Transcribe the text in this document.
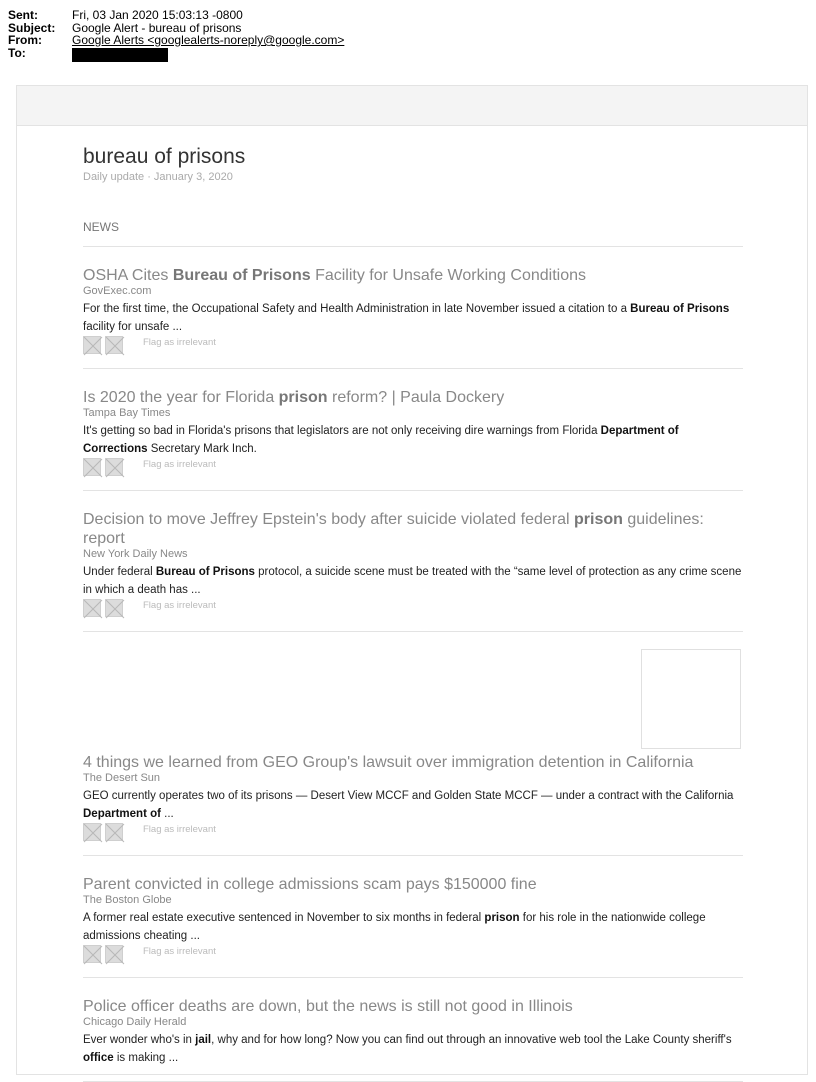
Sent:	Fri, 03 Jan 2020 15:03:13 -0800
Subject:	Google Alert - bureau of prisons
From:	Google Alerts <googlealerts-noreply@google.com>
To:
bureau of prisons
Daily update · January 3, 2020
NEWS
OSHA Cites Bureau of Prisons Facility for Unsafe Working Conditions
GovExec.com
For the first time, the Occupational Safety and Health Administration in late November issued a citation to a Bureau of Prisons facility for unsafe ...
Flag as irrelevant
Is 2020 the year for Florida prison reform? | Paula Dockery
Tampa Bay Times
It's getting so bad in Florida's prisons that legislators are not only receiving dire warnings from Florida Department of Corrections Secretary Mark Inch.
Flag as irrelevant
Decision to move Jeffrey Epstein's body after suicide violated federal prison guidelines: report
New York Daily News
Under federal Bureau of Prisons protocol, a suicide scene must be treated with the “same level of protection as any crime scene in which a death has ...
Flag as irrelevant
4 things we learned from GEO Group's lawsuit over immigration detention in California
The Desert Sun
GEO currently operates two of its prisons — Desert View MCCF and Golden State MCCF — under a contract with the California Department of ...
Flag as irrelevant
Parent convicted in college admissions scam pays $150000 fine
The Boston Globe
A former real estate executive sentenced in November to six months in federal prison for his role in the nationwide college admissions cheating ...
Flag as irrelevant
Police officer deaths are down, but the news is still not good in Illinois
Chicago Daily Herald
Ever wonder who's in jail, why and for how long? Now you can find out through an innovative web tool the Lake County sheriff's office is making ...
